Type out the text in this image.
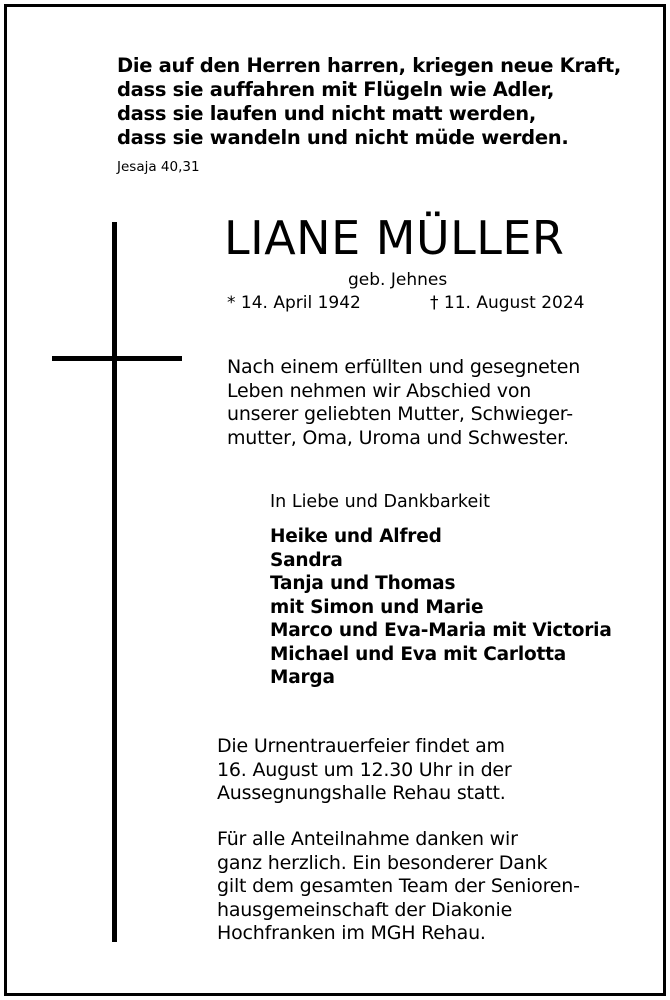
Die auf den Herren harren, kriegen neue Kraft,
dass sie auffahren mit Flügeln wie Adler,
dass sie laufen und nicht matt werden,
dass sie wandeln und nicht müde werden.
Jesaja 40,31
LIANE MÜLLER
geb. Jehnes
* 14. April 1942	† 11. August 2024
Nach einem erfüllten und gesegneten
Leben nehmen wir Abschied von
unserer geliebten Mutter, Schwieger-
mutter, Oma, Uroma und Schwester.
In Liebe und Dankbarkeit
Heike und Alfred
Sandra
Tanja und Thomas
mit Simon und Marie
Marco und Eva-Maria mit Victoria
Michael und Eva mit Carlotta
Marga
Die Urnentrauerfeier findet am
16. August um 12.30 Uhr in der
Aussegnungshalle Rehau statt.
Für alle Anteilnahme danken wir
ganz herzlich. Ein besonderer Dank
gilt dem gesamten Team der Senioren-
hausgemeinschaft der Diakonie
Hochfranken im MGH Rehau.
